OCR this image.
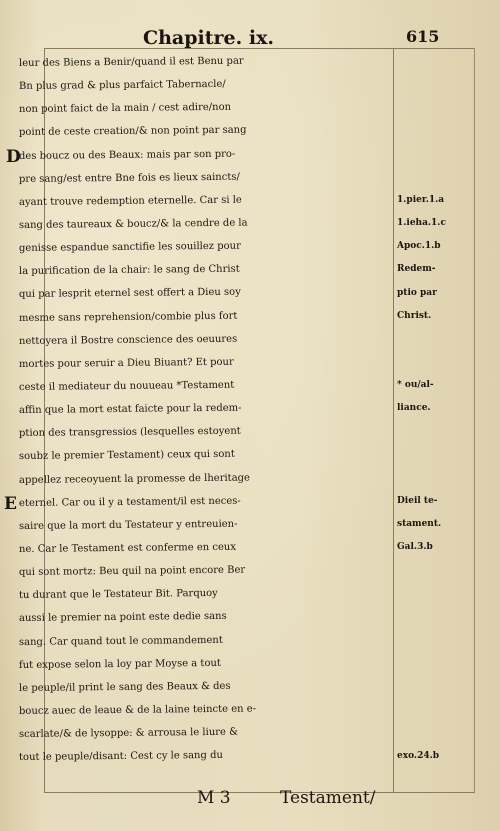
Chapitre. ix.	615
leur des Biens a Benir/quand il est Benu par
Bn plus grad & plus parfaict Tabernacle/
non point faict de la main / cest adire/non
point de ceste creation/& non point par sang
des boucz ou des Beaux: mais par son pro-
pre sang/est entre Bne fois es lieux saincts/
ayant trouve redemption eternelle. Car si le
sang des taureaux & boucz/& la cendre de la
genisse espandue sanctifie les souillez pour
la purification de la chair: le sang de Christ
qui par lesprit eternel sest offert a Dieu soy
mesme sans reprehension/combie plus fort
nettoyera il Bostre conscience des oeuures
mortes pour seruir a Dieu Biuant? Et pour
ceste il mediateur du nouueau *Testament
affin que la mort estat faicte pour la redem-
ption des transgressios (lesquelles estoyent
soubz le premier Testament) ceux qui sont
appellez receoyuent la promesse de lheritage
eternel. Car ou il y a testament/il est neces-
saire que la mort du Testateur y entreuien-
ne. Car le Testament est conferme en ceux
qui sont mortz: Beu quil na point encore Ber
tu durant que le Testateur Bit. Parquoy
aussi le premier na point este dedie sans
sang. Car quand tout le commandement
fut expose selon la loy par Moyse a tout
le peuple/il print le sang des Beaux & des
boucz auec de leaue & de la laine teincte en e-
scarlate/& de lysoppe: & arrousa le liure &
tout le peuple/disant: Cest cy le sang du
1.pier.1.a
1.ieha.1.c
Apoc.1.b
Redem-
ptio par
Christ.
* ou/al-
liance.
Dieil te-
stament.
Gal.3.b
exo.24.b
D
E
M 3	Testament/
